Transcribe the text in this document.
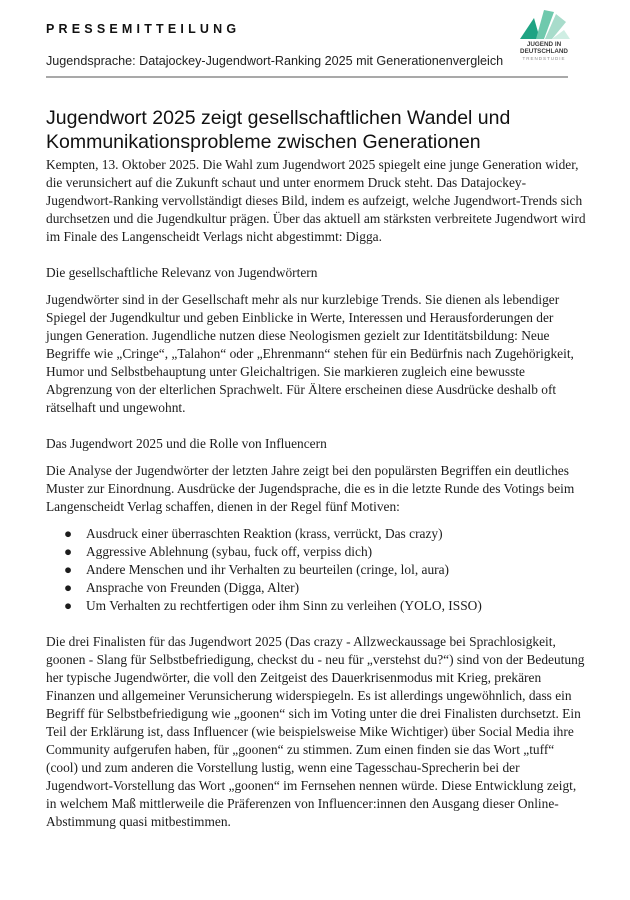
PRESSEMITTEILUNG
Jugendsprache: Datajockey-Jugendwort-Ranking 2025 mit Generationenvergleich
JUGEND IN
DEUTSCHLAND
TRENDSTUDIE
Jugendwort 2025 zeigt gesellschaftlichen Wandel und Kommunikationsprobleme zwischen Generationen

Kempten, 13. Oktober 2025. Die Wahl zum Jugendwort 2025 spiegelt eine junge Generation wider, die verunsichert auf die Zukunft schaut und unter enormem Druck steht. Das Datajockey-Jugendwort-Ranking vervollständigt dieses Bild, indem es aufzeigt, welche Jugendwort-Trends sich durchsetzen und die Jugendkultur prägen. Über das aktuell am stärksten verbreitete Jugendwort wird im Finale des Langenscheidt Verlags nicht abgestimmt: Digga.

Die gesellschaftliche Relevanz von Jugendwörtern

Jugendwörter sind in der Gesellschaft mehr als nur kurzlebige Trends. Sie dienen als lebendiger Spiegel der Jugendkultur und geben Einblicke in Werte, Interessen und Herausforderungen der jungen Generation. Jugendliche nutzen diese Neologismen gezielt zur Identitätsbildung: Neue Begriffe wie „Cringe“, „Talahon“ oder „Ehrenmann“ stehen für ein Bedürfnis nach Zugehörigkeit, Humor und Selbstbehauptung unter Gleichaltrigen. Sie markieren zugleich eine bewusste Abgrenzung von der elterlichen Sprachwelt. Für Ältere erscheinen diese Ausdrücke deshalb oft rätselhaft und ungewohnt.

Das Jugendwort 2025 und die Rolle von Influencern

Die Analyse der Jugendwörter der letzten Jahre zeigt bei den populärsten Begriffen ein deutliches Muster zur Einordnung. Ausdrücke der Jugendsprache, die es in die letzte Runde des Votings beim Langenscheidt Verlag schaffen, dienen in der Regel fünf Motiven:

● Ausdruck einer überraschten Reaktion (krass, verrückt, Das crazy)
● Aggressive Ablehnung (sybau, fuck off, verpiss dich)
● Andere Menschen und ihr Verhalten zu beurteilen (cringe, lol, aura)
● Ansprache von Freunden (Digga, Alter)
● Um Verhalten zu rechtfertigen oder ihm Sinn zu verleihen (YOLO, ISSO)

Die drei Finalisten für das Jugendwort 2025 (Das crazy - Allzweckaussage bei Sprachlosigkeit, goonen - Slang für Selbstbefriedigung, checkst du - neu für „verstehst du?“) sind von der Bedeutung her typische Jugendwörter, die voll den Zeitgeist des Dauerkrisenmodus mit Krieg, prekären Finanzen und allgemeiner Verunsicherung widerspiegeln. Es ist allerdings ungewöhnlich, dass ein Begriff für Selbstbefriedigung wie „goonen“ sich im Voting unter die drei Finalisten durchsetzt. Ein Teil der Erklärung ist, dass Influencer (wie beispielsweise Mike Wichtiger) über Social Media ihre Community aufgerufen haben, für „goonen“ zu stimmen. Zum einen finden sie das Wort „tuff“ (cool) und zum anderen die Vorstellung lustig, wenn eine Tagesschau-Sprecherin bei der Jugendwort-Vorstellung das Wort „goonen“ im Fernsehen nennen würde. Diese Entwicklung zeigt, in welchem Maß mittlerweile die Präferenzen von Influencer:innen den Ausgang dieser Online-Abstimmung quasi mitbestimmen.
